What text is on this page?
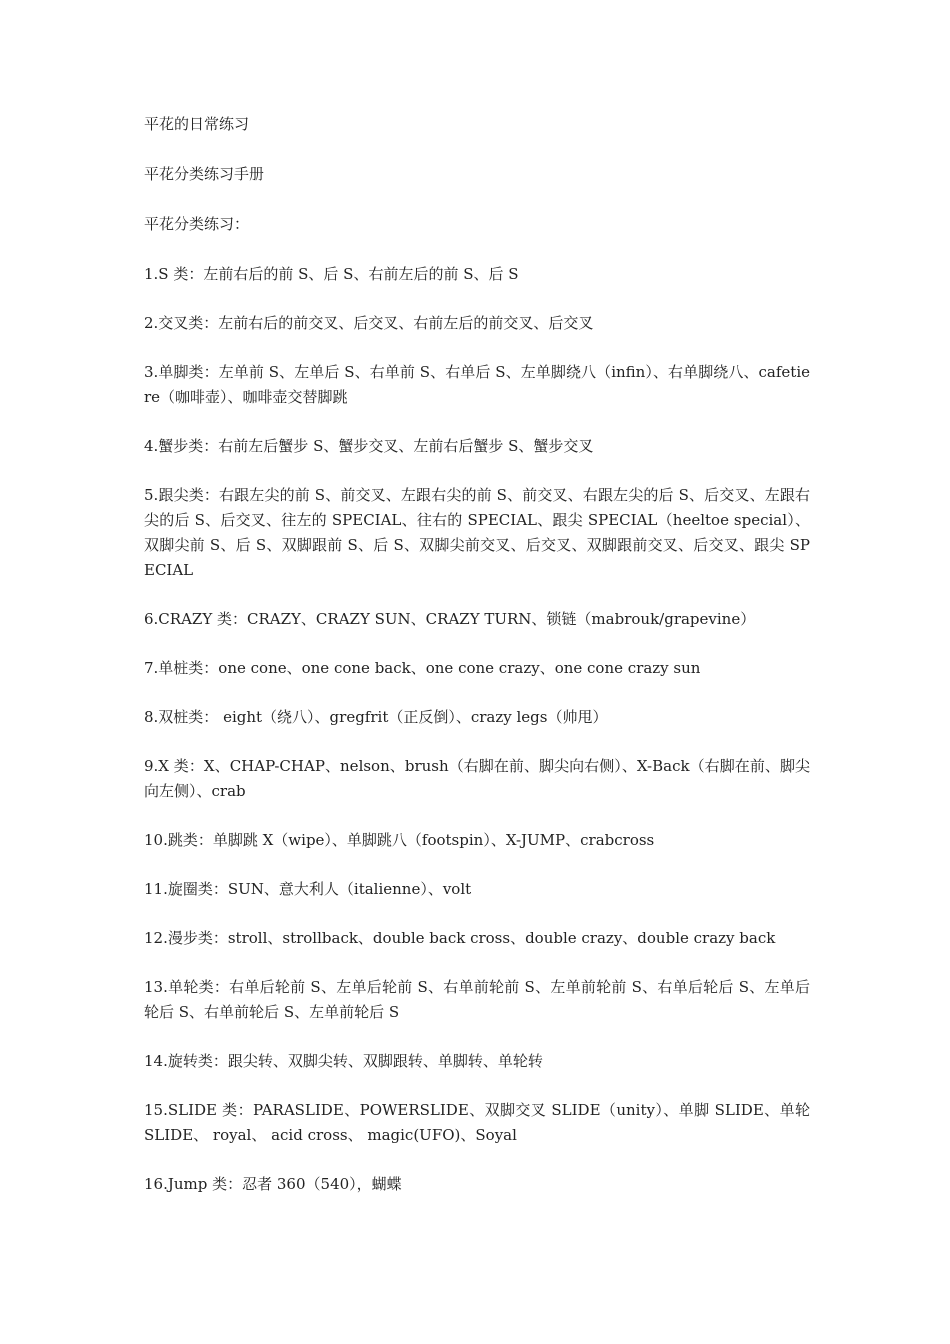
平花的日常练习

平花分类练习手册

平花分类练习：

1.S 类：左前右后的前 S、后 S、右前左后的前 S、后 S

2.交叉类：左前右后的前交叉、后交叉、右前左后的前交叉、后交叉

3.单脚类：左单前 S、左单后 S、右单前 S、右单后 S、左单脚绕八（infin）、右单脚绕八、cafetiere（咖啡壶）、咖啡壶交替脚跳

4.蟹步类：右前左后蟹步 S、蟹步交叉、左前右后蟹步 S、蟹步交叉

5.跟尖类：右跟左尖的前 S、前交叉、左跟右尖的前 S、前交叉、右跟左尖的后 S、后交叉、左跟右尖的后 S、后交叉、往左的 SPECIAL、往右的 SPECIAL、跟尖 SPECIAL（heeltoe special）、双脚尖前 S、后 S、双脚跟前 S、后 S、双脚尖前交叉、后交叉、双脚跟前交叉、后交叉、跟尖 SPECIAL

6.CRAZY 类：CRAZY、CRAZY SUN、CRAZY TURN、锁链（mabrouk/grapevine）

7.单桩类：one cone、one cone back、one cone crazy、one cone crazy sun

8.双桩类： eight（绕八）、gregfrit（正反倒）、crazy legs（帅甩）

9.X 类：X、CHAP-CHAP、nelson、brush（右脚在前、脚尖向右侧）、X-Back（右脚在前、脚尖向左侧）、crab

10.跳类：单脚跳 X（wipe）、单脚跳八（footspin）、X-JUMP、crabcross

11.旋圈类：SUN、意大利人（italienne）、volt

12.漫步类：stroll、strollback、double back cross、double crazy、double crazy back

13.单轮类：右单后轮前 S、左单后轮前 S、右单前轮前 S、左单前轮前 S、右单后轮后 S、左单后轮后 S、右单前轮后 S、左单前轮后 S

14.旋转类：跟尖转、双脚尖转、双脚跟转、单脚转、单轮转

15.SLIDE 类：PARASLIDE、POWERSLIDE、双脚交叉 SLIDE（unity）、单脚 SLIDE、单轮 SLIDE、 royal、 acid cross、 magic(UFO)、Soyal

16.Jump 类：忍者 360（540），蝴蝶
